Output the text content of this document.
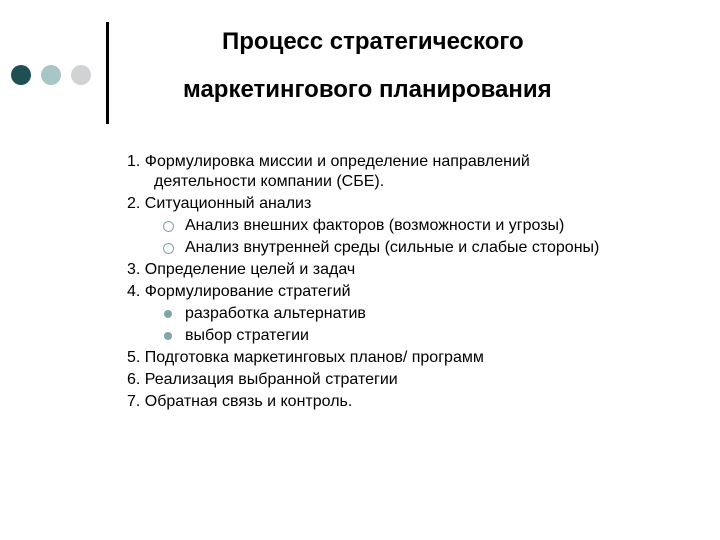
Процесс стратегического
маркетингового планирования
1. Формулировка миссии и определение направлений
деятельности компании (СБЕ).
2. Ситуационный анализ
Анализ внешних факторов (возможности и угрозы)
Анализ внутренней среды (сильные и слабые стороны)
3. Определение целей и задач
4. Формулирование стратегий
разработка альтернатив
выбор стратегии
5. Подготовка маркетинговых планов/ программ
6. Реализация выбранной стратегии
7. Обратная связь и контроль.
